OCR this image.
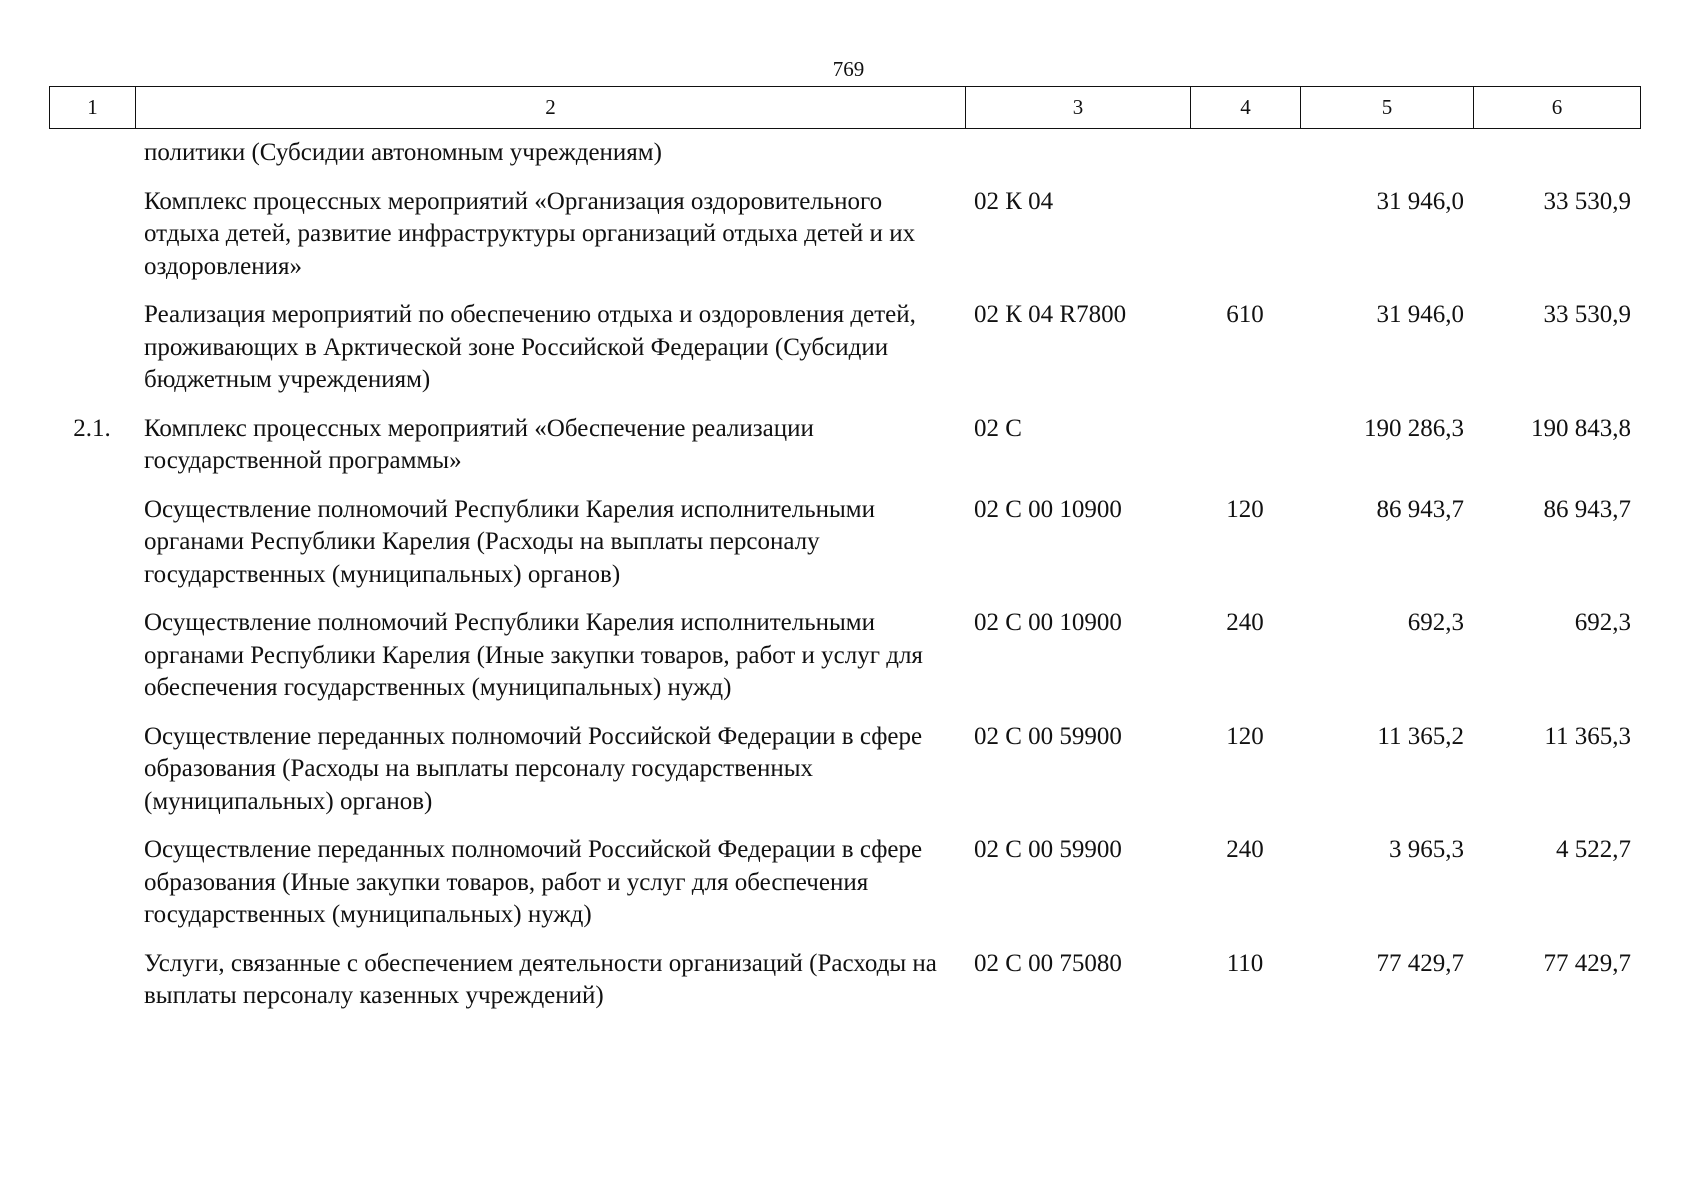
769
1	2	3	4	5	6
	политики (Субсидии автономным учреждениям)				
	Комплекс процессных мероприятий «Организация оздоровительного отдыха детей, развитие инфраструктуры организаций отдыха детей и их оздоровления»	02 К 04		31 946,0	33 530,9
	Реализация мероприятий по обеспечению отдыха и оздоровления детей, проживающих в Арктической зоне Российской Федерации (Субсидии бюджетным учреждениям)	02 К 04 R7800	610	31 946,0	33 530,9
2.1.	Комплекс процессных мероприятий «Обеспечение реализации государственной программы»	02 С		190 286,3	190 843,8
	Осуществление полномочий Республики Карелия исполнительными органами Республики Карелия (Расходы на выплаты персоналу государственных (муниципальных) органов)	02 С 00 10900	120	86 943,7	86 943,7
	Осуществление полномочий Республики Карелия исполнительными органами Республики Карелия (Иные закупки товаров, работ и услуг для обеспечения государственных (муниципальных) нужд)	02 С 00 10900	240	692,3	692,3
	Осуществление переданных полномочий Российской Федерации в сфере образования (Расходы на выплаты персоналу государственных (муниципальных) органов)	02 С 00 59900	120	11 365,2	11 365,3
	Осуществление переданных полномочий Российской Федерации в сфере образования (Иные закупки товаров, работ и услуг для обеспечения государственных (муниципальных) нужд)	02 С 00 59900	240	3 965,3	4 522,7
	Услуги, связанные с обеспечением деятельности организаций (Расходы на выплаты персоналу казенных учреждений)	02 С 00 75080	110	77 429,7	77 429,7
